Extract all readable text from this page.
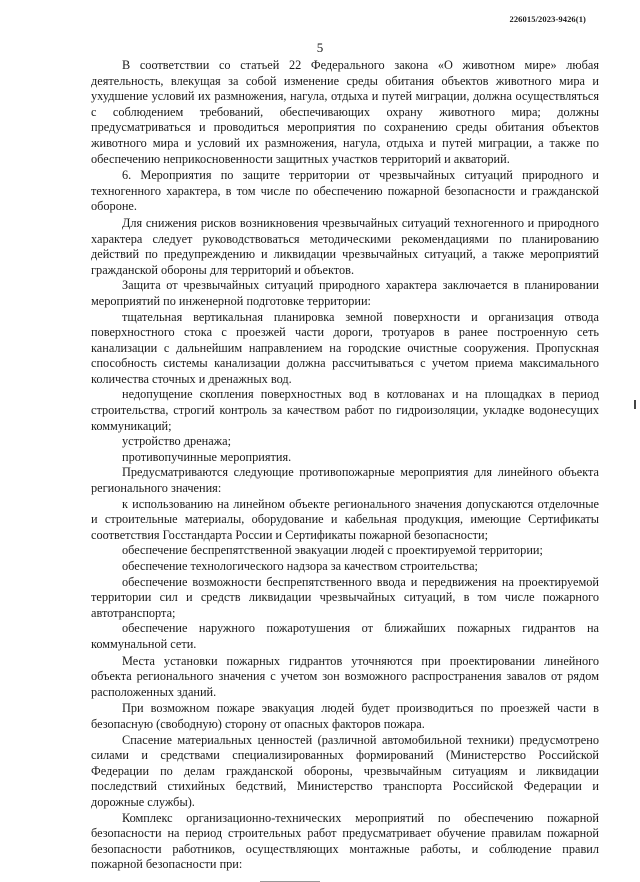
226015/2023-9426(1)
5

В соответствии со статьей 22 Федерального закона «О животном мире» любая деятельность, влекущая за собой изменение среды обитания объектов животного мира и ухудшение условий их размножения, нагула, отдыха и путей миграции, должна осуществляться с соблюдением требований, обеспечивающих охрану животного мира; должны предусматриваться и проводиться мероприятия по сохранению среды обитания объектов животного мира и условий их размножения, нагула, отдыха и путей миграции, а также по обеспечению неприкосновенности защитных участков территорий и акваторий.

6. Мероприятия по защите территории от чрезвычайных ситуаций природного и техногенного характера, в том числе по обеспечению пожарной безопасности и гражданской обороне.

Для снижения рисков возникновения чрезвычайных ситуаций техногенного и природного характера следует руководствоваться методическими рекомендациями по планированию действий по предупреждению и ликвидации чрезвычайных ситуаций, а также мероприятий гражданской обороны для территорий и объектов.

Защита от чрезвычайных ситуаций природного характера заключается в планировании мероприятий по инженерной подготовке территории:

тщательная вертикальная планировка земной поверхности и организация отвода поверхностного стока с проезжей части дороги, тротуаров в ранее построенную сеть канализации с дальнейшим направлением на городские очистные сооружения. Пропускная способность системы канализации должна рассчитываться с учетом приема максимального количества сточных и дренажных вод.

недопущение скопления поверхностных вод в котлованах и на площадках в период строительства, строгий контроль за качеством работ по гидроизоляции, укладке водонесущих коммуникаций;

устройство дренажа;

противопучинные мероприятия.

Предусматриваются следующие противопожарные мероприятия для линейного объекта регионального значения:

к использованию на линейном объекте регионального значения допускаются отделочные и строительные материалы, оборудование и кабельная продукция, имеющие Сертификаты соответствия Госстандарта России и Сертификаты пожарной безопасности;

обеспечение беспрепятственной эвакуации людей с проектируемой территории;

обеспечение технологического надзора за качеством строительства;

обеспечение возможности беспрепятственного ввода и передвижения на проектируемой территории сил и средств ликвидации чрезвычайных ситуаций, в том числе пожарного автотранспорта;

обеспечение наружного пожаротушения от ближайших пожарных гидрантов на коммунальной сети.

Места установки пожарных гидрантов уточняются при проектировании линейного объекта регионального значения с учетом зон возможного распространения завалов от рядом расположенных зданий.

При возможном пожаре эвакуация людей будет производиться по проезжей части в безопасную (свободную) сторону от опасных факторов пожара.

Спасение материальных ценностей (различной автомобильной техники) предусмотрено силами и средствами специализированных формирований (Министерство Российской Федерации по делам гражданской обороны, чрезвычайным ситуациям и ликвидации последствий стихийных бедствий, Министерство транспорта Российской Федерации и дорожные службы).

Комплекс организационно-технических мероприятий по обеспечению пожарной безопасности на период строительных работ предусматривает обучение правилам пожарной безопасности работников, осуществляющих монтажные работы, и соблюдение правил пожарной безопасности при:
